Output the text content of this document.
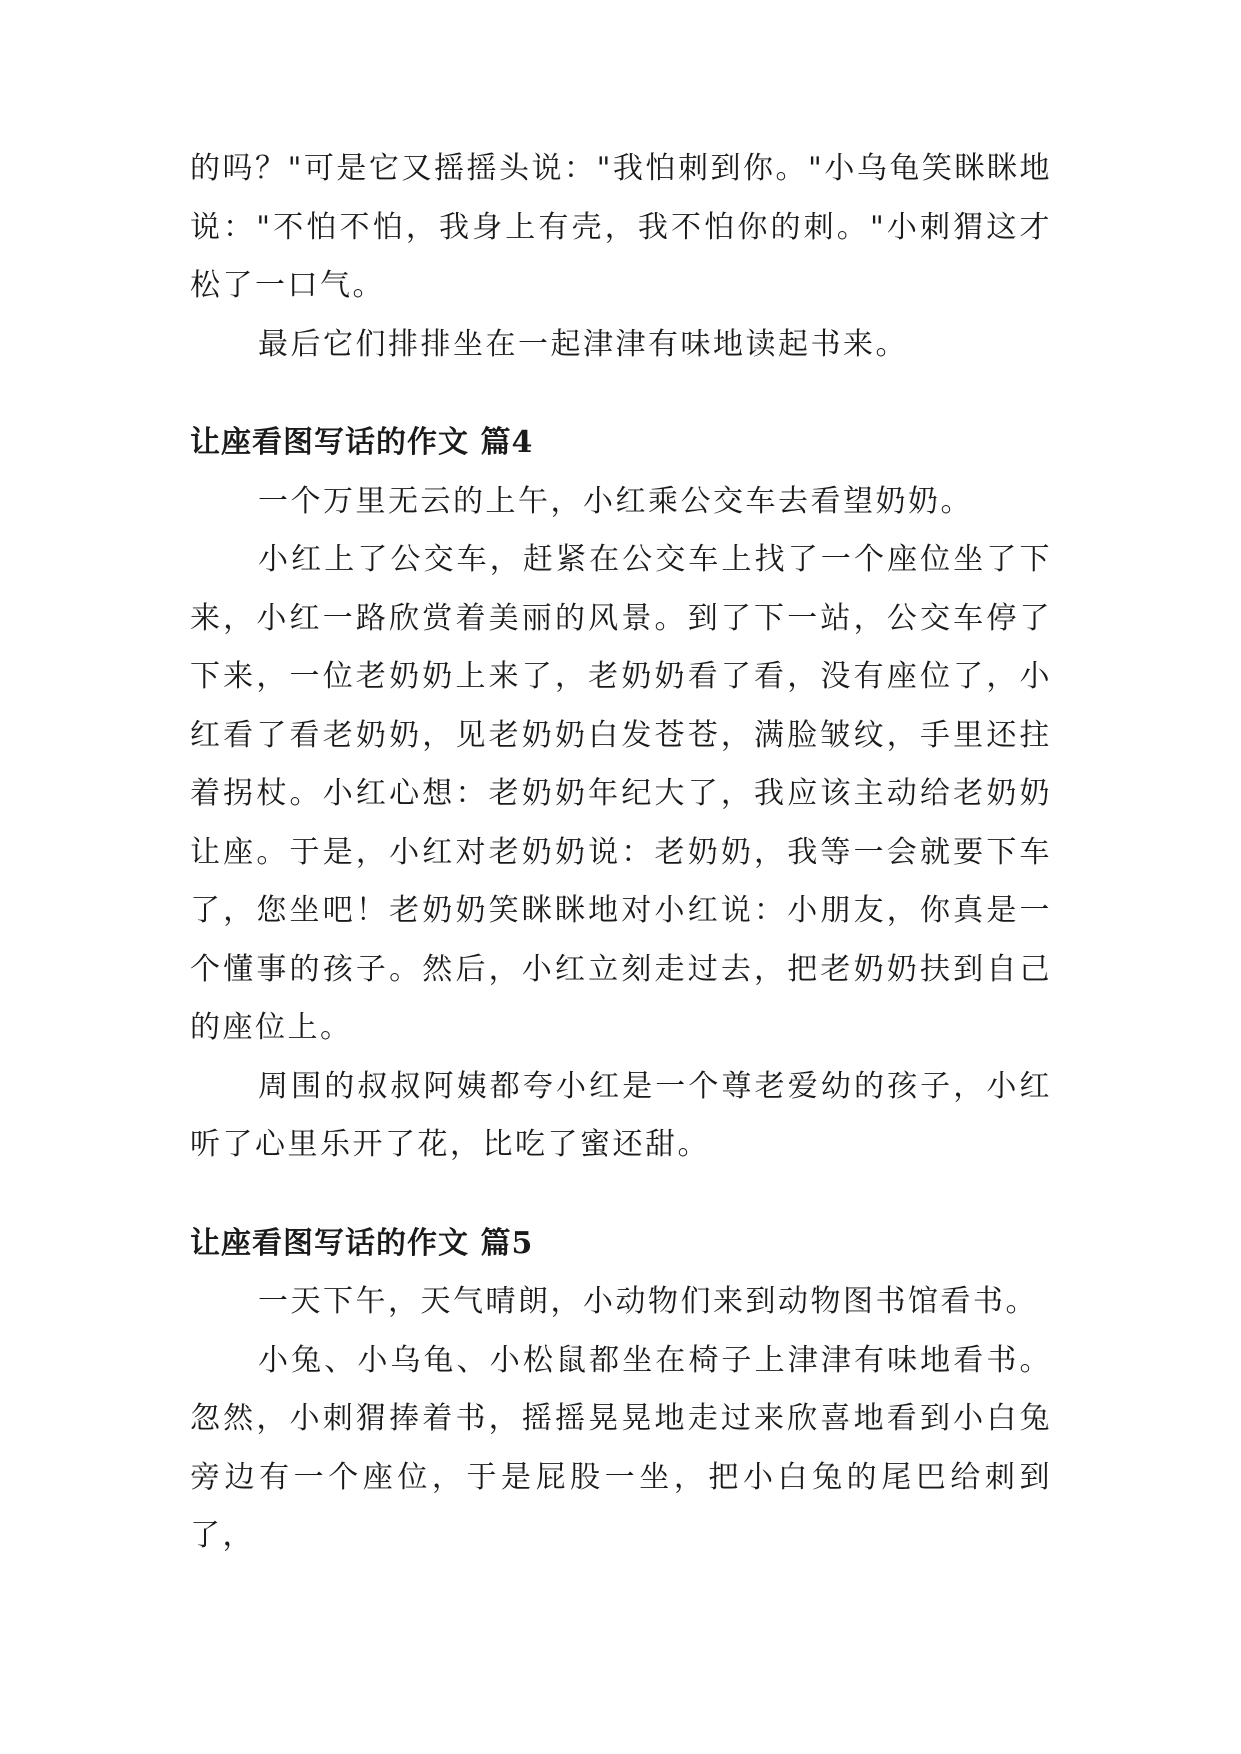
的吗？"可是它又摇摇头说："我怕刺到你。"小乌龟笑眯眯地说："不怕不怕，我身上有壳，我不怕你的刺。"小刺猬这才松了一口气。

最后它们排排坐在一起津津有味地读起书来。

让座看图写话的作文 篇4

一个万里无云的上午，小红乘公交车去看望奶奶。

小红上了公交车，赶紧在公交车上找了一个座位坐了下来，小红一路欣赏着美丽的风景。到了下一站，公交车停了下来，一位老奶奶上来了，老奶奶看了看，没有座位了，小红看了看老奶奶，见老奶奶白发苍苍，满脸皱纹，手里还拄着拐杖。小红心想：老奶奶年纪大了，我应该主动给老奶奶让座。于是，小红对老奶奶说：老奶奶，我等一会就要下车了，您坐吧！老奶奶笑眯眯地对小红说：小朋友，你真是一个懂事的孩子。然后，小红立刻走过去，把老奶奶扶到自己的座位上。

周围的叔叔阿姨都夸小红是一个尊老爱幼的孩子，小红听了心里乐开了花，比吃了蜜还甜。

让座看图写话的作文 篇5

一天下午，天气晴朗，小动物们来到动物图书馆看书。

小兔、小乌龟、小松鼠都坐在椅子上津津有味地看书。忽然，小刺猬捧着书，摇摇晃晃地走过来欣喜地看到小白兔旁边有一个座位，于是屁股一坐，把小白兔的尾巴给刺到了，
